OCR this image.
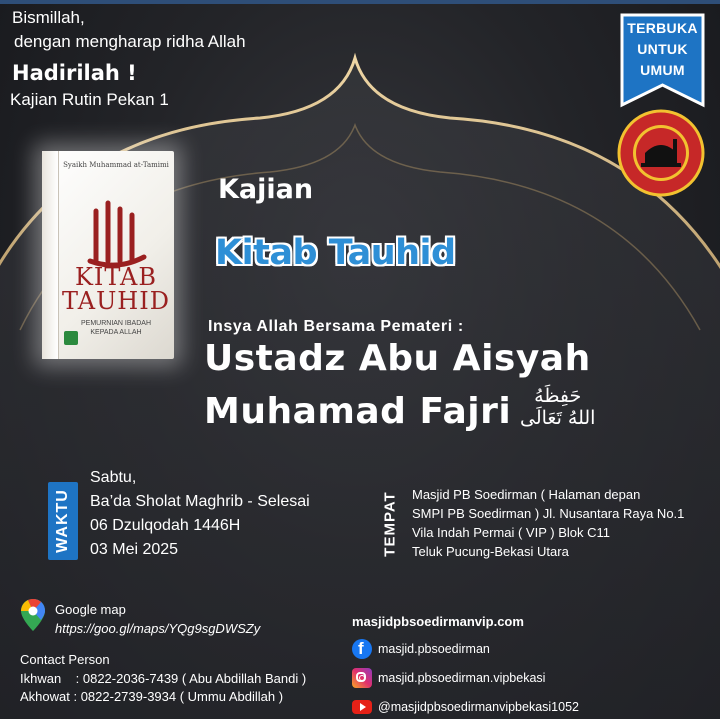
Bismillah,
dengan mengharap ridha Allah
Hadirilah !
Kajian Rutin Pekan 1
TERBUKA
UNTUK
UMUM
Syaikh Muhammad at-Tamimi
KITAB
TAUHID
PEMURNIAN IBADAH
KEPADA ALLAH
Kajian
Kitab Tauhid
Insya Allah Bersama Pemateri :
Ustadz Abu Aisyah
Muhamad Fajri	حَفِظَهُ
اللهُ تَعَالَى
WAKTU
Sabtu,
Ba’da Sholat Maghrib - Selesai
06 Dzulqodah 1446H
03 Mei 2025	TEMPAT Masjid PB Soedirman ( Halaman depan
SMPI PB Soedirman ) Jl. Nusantara Raya No.1
Vila Indah Permai ( VIP ) Blok C11
Teluk Pucung-Bekasi Utara
Google map
https://goo.gl/maps/YQg9sgDWSZy
Contact Person
Ikhwan    : 0822-2036-7439 ( Abu Abdillah Bandi )
Akhowat : 0822-2739-3934 ( Ummu Abdillah )
masjidpbsoedirmanvip.com
f
masjid.pbsoedirman
masjid.pbsoedirman.vipbekasi
@masjidpbsoedirmanvipbekasi1052
